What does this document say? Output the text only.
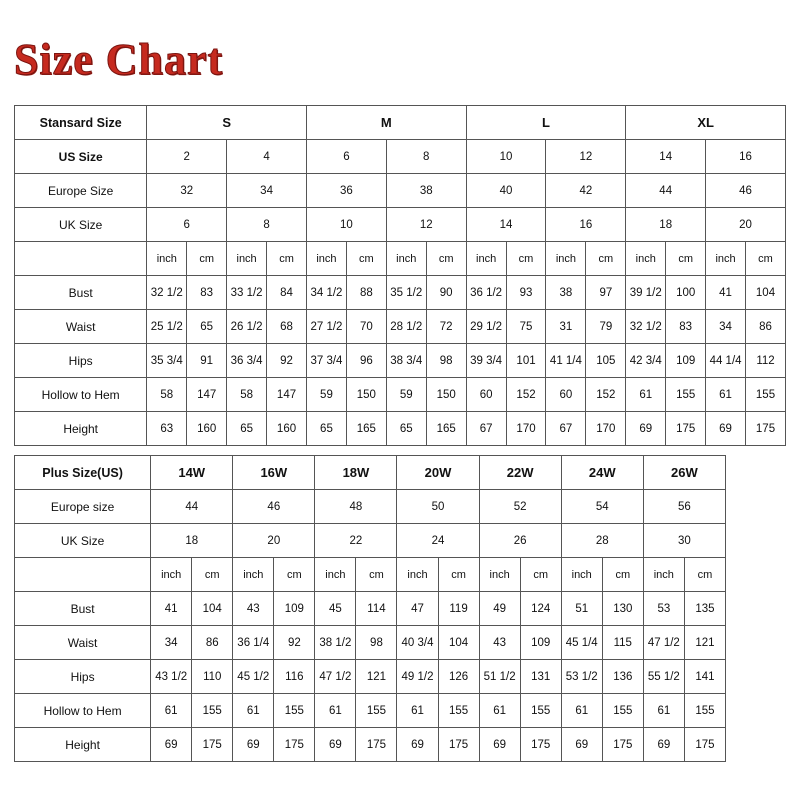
Size Chart
Stansard Size	S				M				L				XL			
US Size	2		4		6		8		10		12		14		16	
Europe Size	32		34		36		38		40		42		44		46	
UK Size	6		8		10		12		14		16		18		20	
	inch	cm	inch	cm	inch	cm	inch	cm	inch	cm	inch	cm	inch	cm	inch	cm
Bust	32 1/2	83	33 1/2	84	34 1/2	88	35 1/2	90	36 1/2	93	38	97	39 1/2	100	41	104
Waist	25 1/2	65	26 1/2	68	27 1/2	70	28 1/2	72	29 1/2	75	31	79	32 1/2	83	34	86
Hips	35 3/4	91	36 3/4	92	37 3/4	96	38 3/4	98	39 3/4	101	41 1/4	105	42 3/4	109	44 1/4	112
Hollow to Hem	58	147	58	147	59	150	59	150	60	152	60	152	61	155	61	155
Height	63	160	65	160	65	165	65	165	67	170	67	170	69	175	69	175
Plus Size(US)	14W		16W		18W		20W		22W		24W		26W	
Europe size	44		46		48		50		52		54		56	
UK Size	18		20		22		24		26		28		30	
	inch	cm	inch	cm	inch	cm	inch	cm	inch	cm	inch	cm	inch	cm
Bust	41	104	43	109	45	114	47	119	49	124	51	130	53	135
Waist	34	86	36 1/4	92	38 1/2	98	40 3/4	104	43	109	45 1/4	115	47 1/2	121
Hips	43 1/2	110	45 1/2	116	47 1/2	121	49 1/2	126	51 1/2	131	53 1/2	136	55 1/2	141
Hollow to Hem	61	155	61	155	61	155	61	155	61	155	61	155	61	155
Height	69	175	69	175	69	175	69	175	69	175	69	175	69	175
